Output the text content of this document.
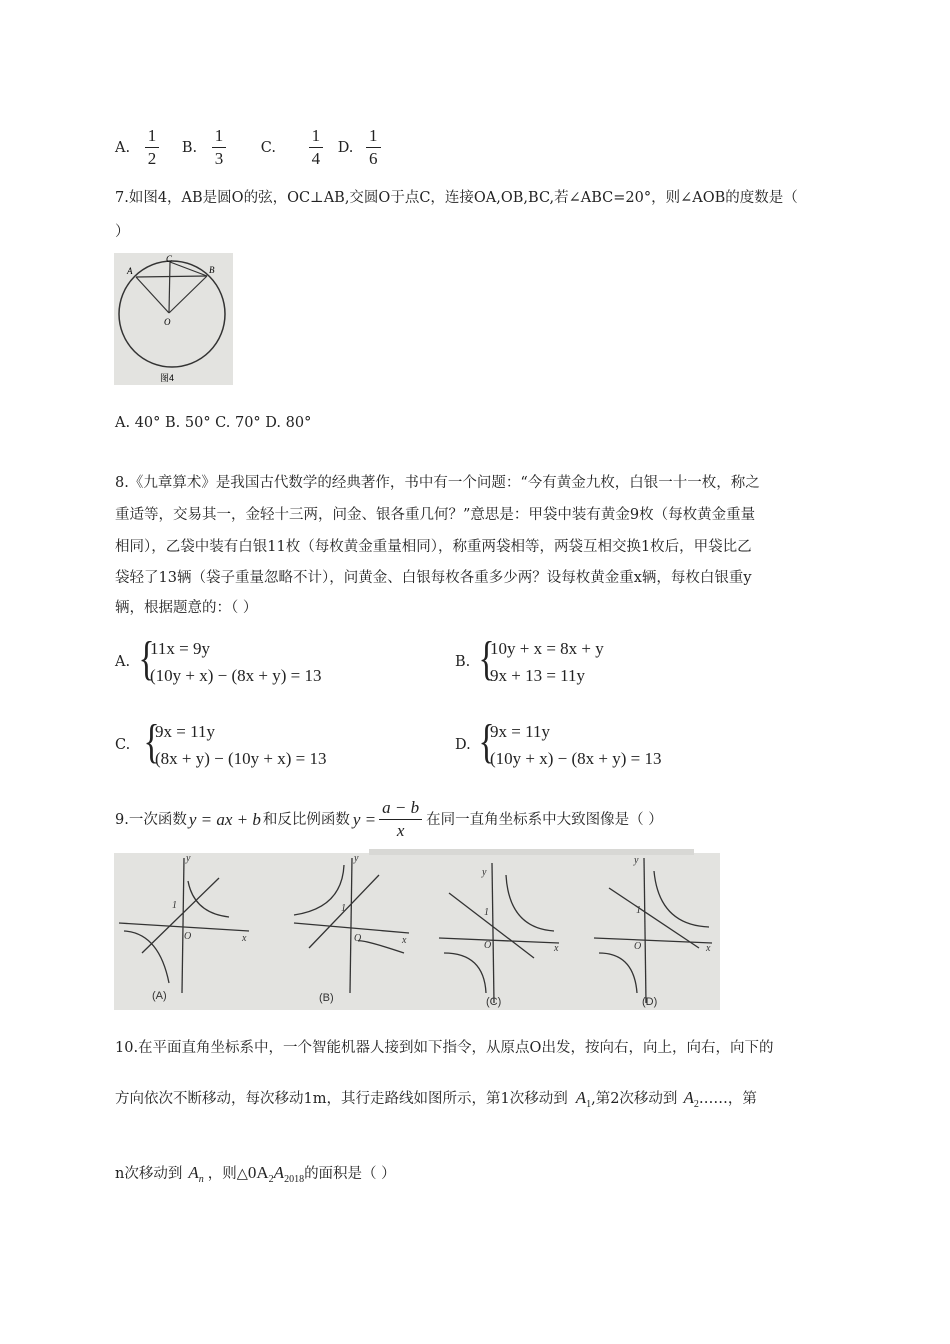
A. $\frac{1}{2} B$. $\frac{1}{3} C$. $\frac{1}{4} D$. $\frac{1}{6}$
7.如图4，AB是圆O的弦，OC⊥AB,交圆O于点C，连接OA,OB,BC,若∠ABC=20°，则∠AOB的度数是（
）
A
C
B
O
图4
A. 40° B. 50° C. 70° D. 80°
8.《九章算术》是我国古代数学的经典著作，书中有一个问题：“今有黄金九枚，白银一十一枚，称之
重适等，交易其一，金轻十三两，问金、银各重几何？”意思是：甲袋中装有黄金9枚（每枚黄金重量
相同），乙袋中装有白银11枚（每枚黄金重量相同），称重两袋相等，两袋互相交换1枚后，甲袋比乙
袋轻了13辆（袋子重量忽略不计），问黄金、白银每枚各重多少两？设每枚黄金重x辆，每枚白银重y
辆，根据题意的：（ ）
A. {
11x = 9y
(10y + x) − (8x + y) = 13
B. {
10y + x = 8x + y
9x + 13 = 11y
C. {
9x = 11y
(8x + y) − (10y + x) = 13
D. {
9x = 11y
(10y + x) − (8x + y) = 13
9.一次函数 y = ax + b 和反比例函数 $y = \frac{a - b}{x}$ 在同一直角坐标系中大致图像是（ ）
y
x
O
1
y
x
O
1
y
x
O
1
y
x
O
1
(A)	(B)	(C)	(D)
10.在平面直角坐标系中，一个智能机器人接到如下指令，从原点O出发，按向右，向上，向右，向下的
方向依次不断移动，每次移动1m，其行走路线如图所示，第1次移动到 $A_1$,第2次移动到 $A_2\dots\dots$，第
n次移动到 $A_n$ ，则$\triangle 0A_2A_{2018}$的面积是（ ）
